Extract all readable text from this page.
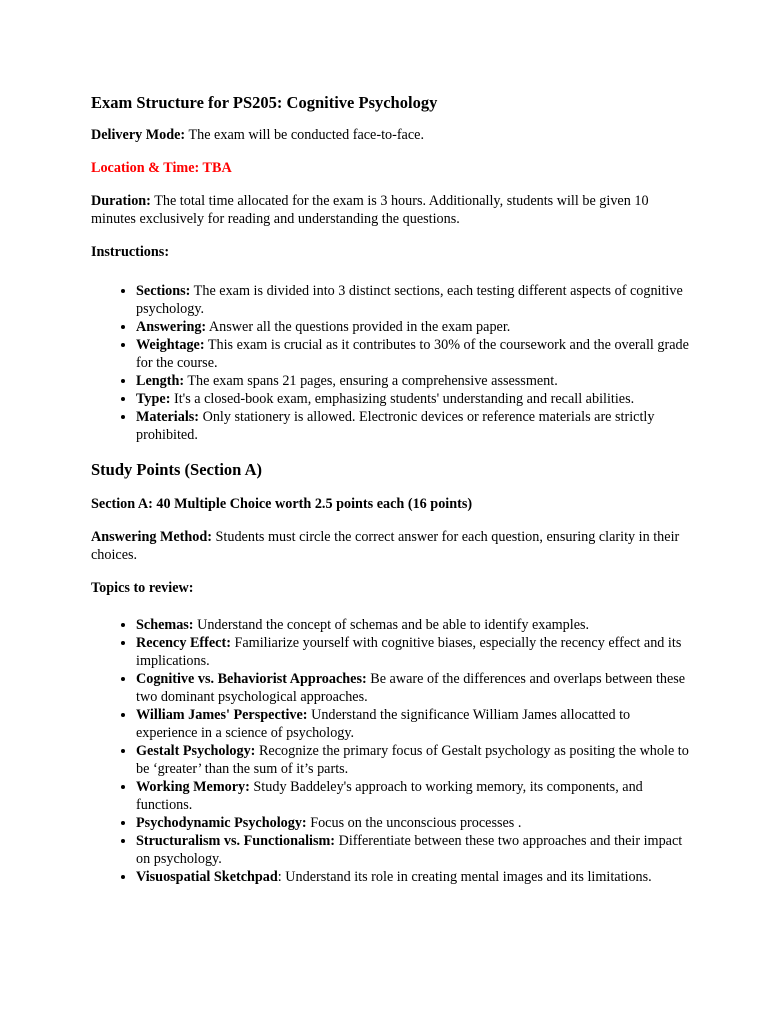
Exam Structure for PS205: Cognitive Psychology

Delivery Mode: The exam will be conducted face-to-face.

Location & Time: TBA

Duration: The total time allocated for the exam is 3 hours. Additionally, students will be given 10 minutes exclusively for reading and understanding the questions.

Instructions:

• Sections: The exam is divided into 3 distinct sections, each testing different aspects of cognitive psychology.
• Answering: Answer all the questions provided in the exam paper.
• Weightage: This exam is crucial as it contributes to 30% of the coursework and the overall grade for the course.
• Length: The exam spans 21 pages, ensuring a comprehensive assessment.
• Type: It's a closed-book exam, emphasizing students' understanding and recall abilities.
• Materials: Only stationery is allowed. Electronic devices or reference materials are strictly prohibited.
Study Points (Section A)

Section A: 40 Multiple Choice worth 2.5 points each (16 points)

Answering Method: Students must circle the correct answer for each question, ensuring clarity in their choices.

Topics to review:

• Schemas: Understand the concept of schemas and be able to identify examples.
• Recency Effect: Familiarize yourself with cognitive biases, especially the recency effect and its implications.
• Cognitive vs. Behaviorist Approaches: Be aware of the differences and overlaps between these two dominant psychological approaches.
• William James' Perspective: Understand the significance William James allocatted to experience in a science of psychology.
• Gestalt Psychology: Recognize the primary focus of Gestalt psychology as positing the whole to be ‘greater’ than the sum of it’s parts.
• Working Memory: Study Baddeley's approach to working memory, its components, and functions.
• Psychodynamic Psychology: Focus on the unconscious processes .
• Structuralism vs. Functionalism: Differentiate between these two approaches and their impact on psychology.
• Visuospatial Sketchpad: Understand its role in creating mental images and its limitations.
